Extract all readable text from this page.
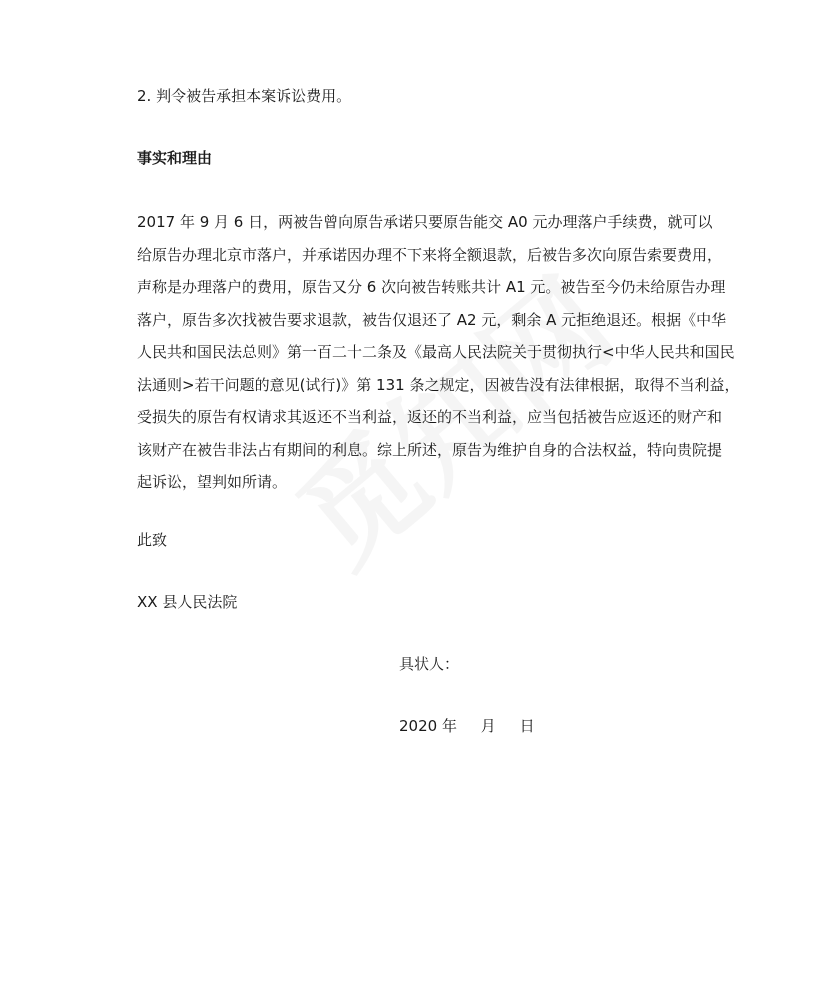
2. 判令被告承担本案诉讼费用。
事实和理由
2017 年 9 月 6 日，两被告曾向原告承诺只要原告能交 A0 元办理落户手续费，就可以
给原告办理北京市落户，并承诺因办理不下来将全额退款，后被告多次向原告索要费用，
声称是办理落户的费用，原告又分 6 次向被告转账共计 A1 元。被告至今仍未给原告办理
落户，原告多次找被告要求退款，被告仅退还了 A2 元，剩余 A 元拒绝退还。根据《中华
人民共和国民法总则》第一百二十二条及《最高人民法院关于贯彻执行<中华人民共和国民
法通则>若干问题的意见(试行)》第 131 条之规定，因被告没有法律根据，取得不当利益，
受损失的原告有权请求其返还不当利益，返还的不当利益，应当包括被告应返还的财产和
该财产在被告非法占有期间的利息。综上所述，原告为维护自身的合法权益，特向贵院提
起诉讼，望判如所请。
此致
XX 县人民法院
具状人：
2020 年     月     日
